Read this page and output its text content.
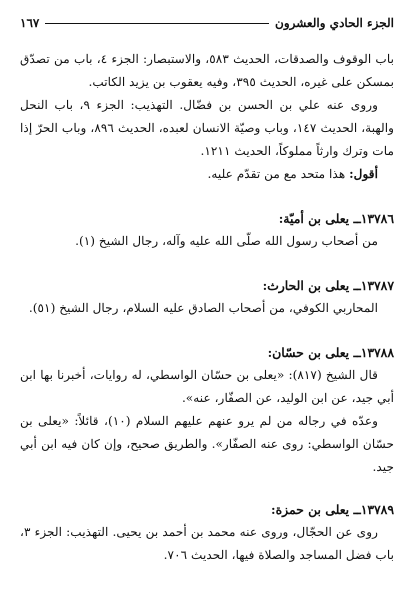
الجزء الحادي والعشرون
١٦٧

باب الوقوف والصدقات، الحديث ٥٨٣، والاستبصار: الجزء ٤، باب من تصدّق بمسكن على غيره، الحديث ٣٩٥، وفيه يعقوب بن يزيد الكاتب.

وروى عنه علي بن الحسن بن فضّال. التهذيب: الجزء ٩، باب النحل والهبة، الحديث ١٤٧، وباب وصيّة الانسان لعبده، الحديث ٨٩٦، وباب الحرّ إذا مات وترك وارثاً مملوكاً، الحديث ١٢١١.

أقول: هذا متحد مع من تقدّم عليه.

١٣٧٨٦ــ يعلى بن أميّة:

من أصحاب رسول الله صلّى الله عليه وآله، رجال الشيخ (١).

١٣٧٨٧ــ يعلى بن الحارث:

المحاربي الكوفي، من أصحاب الصادق عليه السلام، رجال الشيخ (٥١).

١٣٧٨٨ــ يعلى بن حسّان:

قال الشيخ (٨١٧): «يعلى بن حسّان الواسطي، له روايات، أخبرنا بها ابن أبي جيد، عن ابن الوليد، عن الصفّار، عنه».

وعدّه في رجاله من لم يرو عنهم عليهم السلام (١٠)، قائلاً: «يعلى بن حسّان الواسطي: روى عنه الصفّار». والطريق صحيح، وإن كان فيه ابن أبي جيد.

١٣٧٨٩ــ يعلى بن حمزة:

روى عن الحجّال، وروى عنه محمد بن أحمد بن يحيى. التهذيب: الجزء ٣، باب فضل المساجد والصلاة فيها، الحديث ٧٠٦.
